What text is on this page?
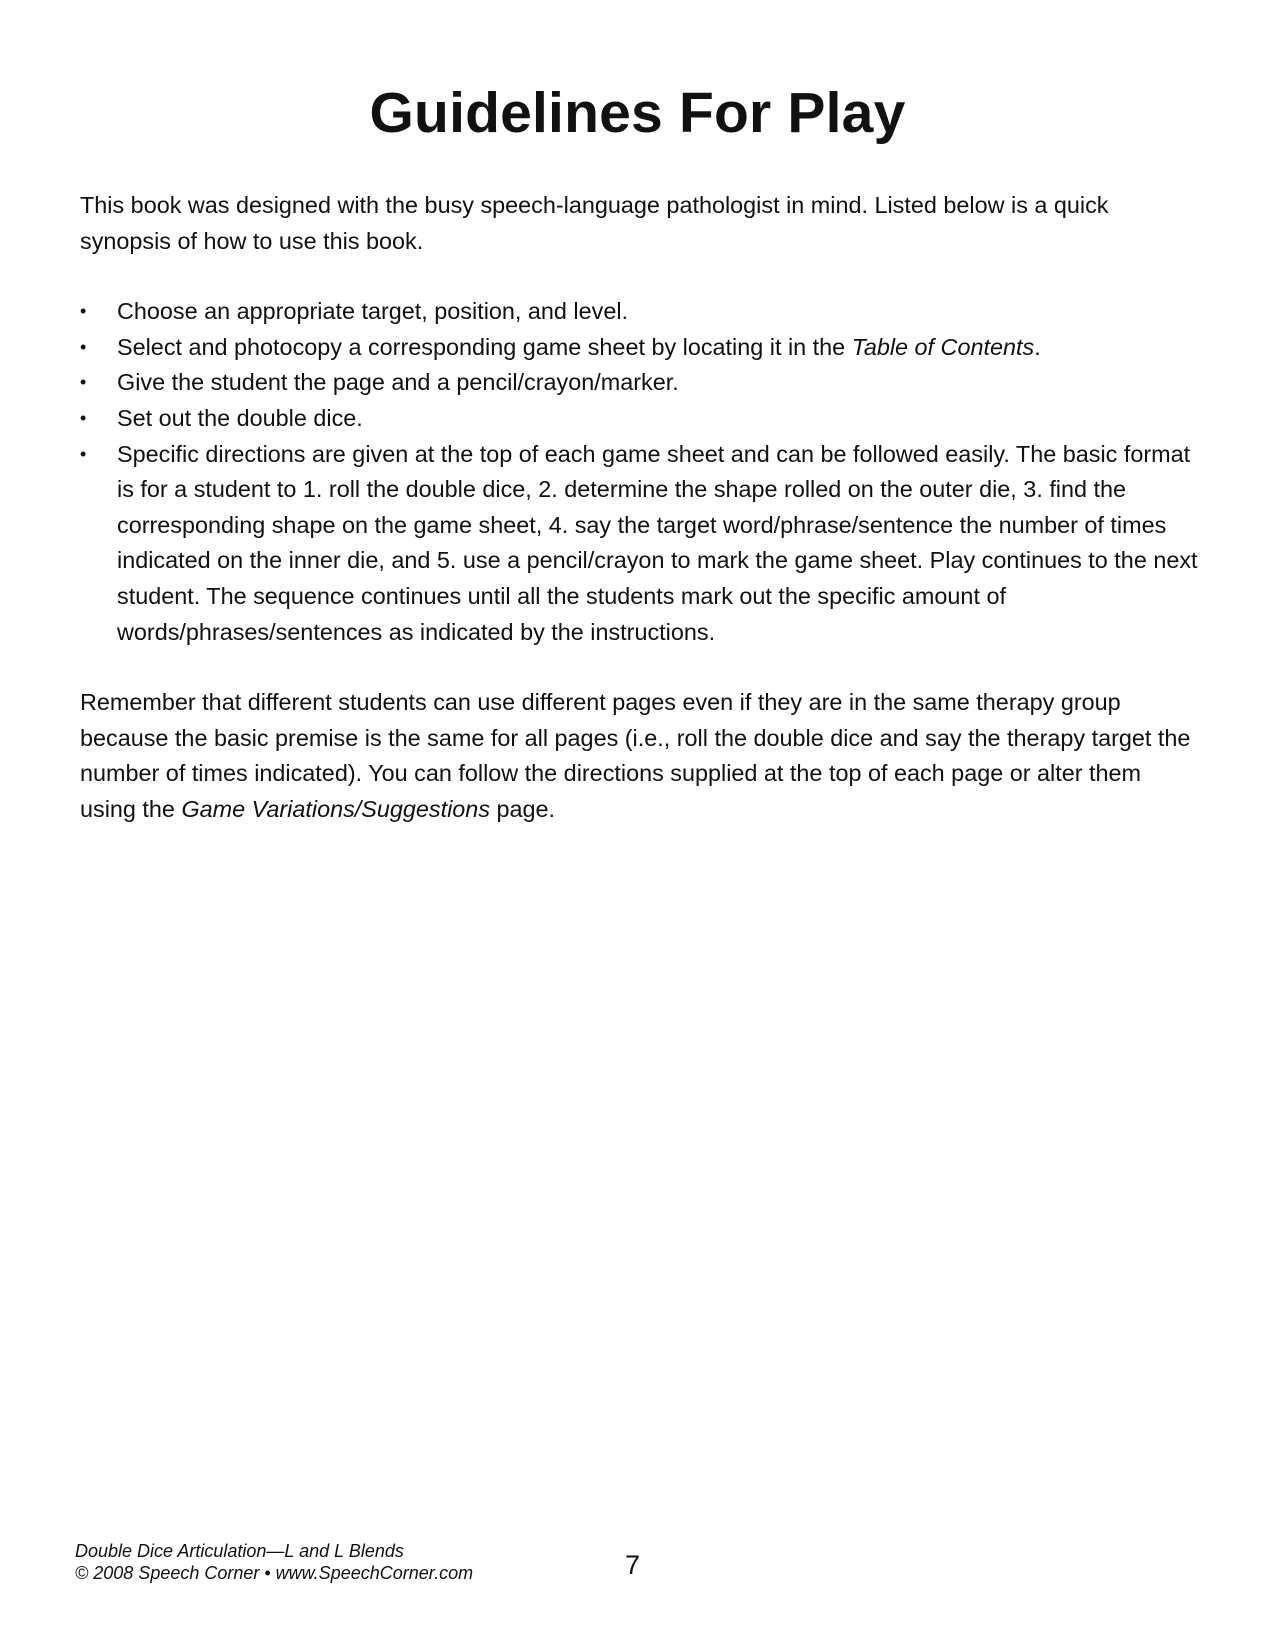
Guidelines For Play

This book was designed with the busy speech-language pathologist in mind. Listed below is a quick synopsis of how to use this book.

• Choose an appropriate target, position, and level.
• Select and photocopy a corresponding game sheet by locating it in the Table of Contents.
• Give the student the page and a pencil/crayon/marker.
• Set out the double dice.
• Specific directions are given at the top of each game sheet and can be followed easily. The basic format is for a student to 1. roll the double dice, 2. determine the shape rolled on the outer die, 3. find the corresponding shape on the game sheet, 4. say the target word/phrase/sentence the number of times indicated on the inner die, and 5. use a pencil/crayon to mark the game sheet. Play continues to the next student. The sequence continues until all the students mark out the specific amount of words/phrases/sentences as indicated by the instructions.

Remember that different students can use different pages even if they are in the same therapy group because the basic premise is the same for all pages (i.e., roll the double dice and say the therapy target the number of times indicated). You can follow the directions supplied at the top of each page or alter them using the Game Variations/Suggestions page.

Double Dice Articulation—L and L Blends
© 2008 Speech Corner • www.SpeechCorner.com	7
